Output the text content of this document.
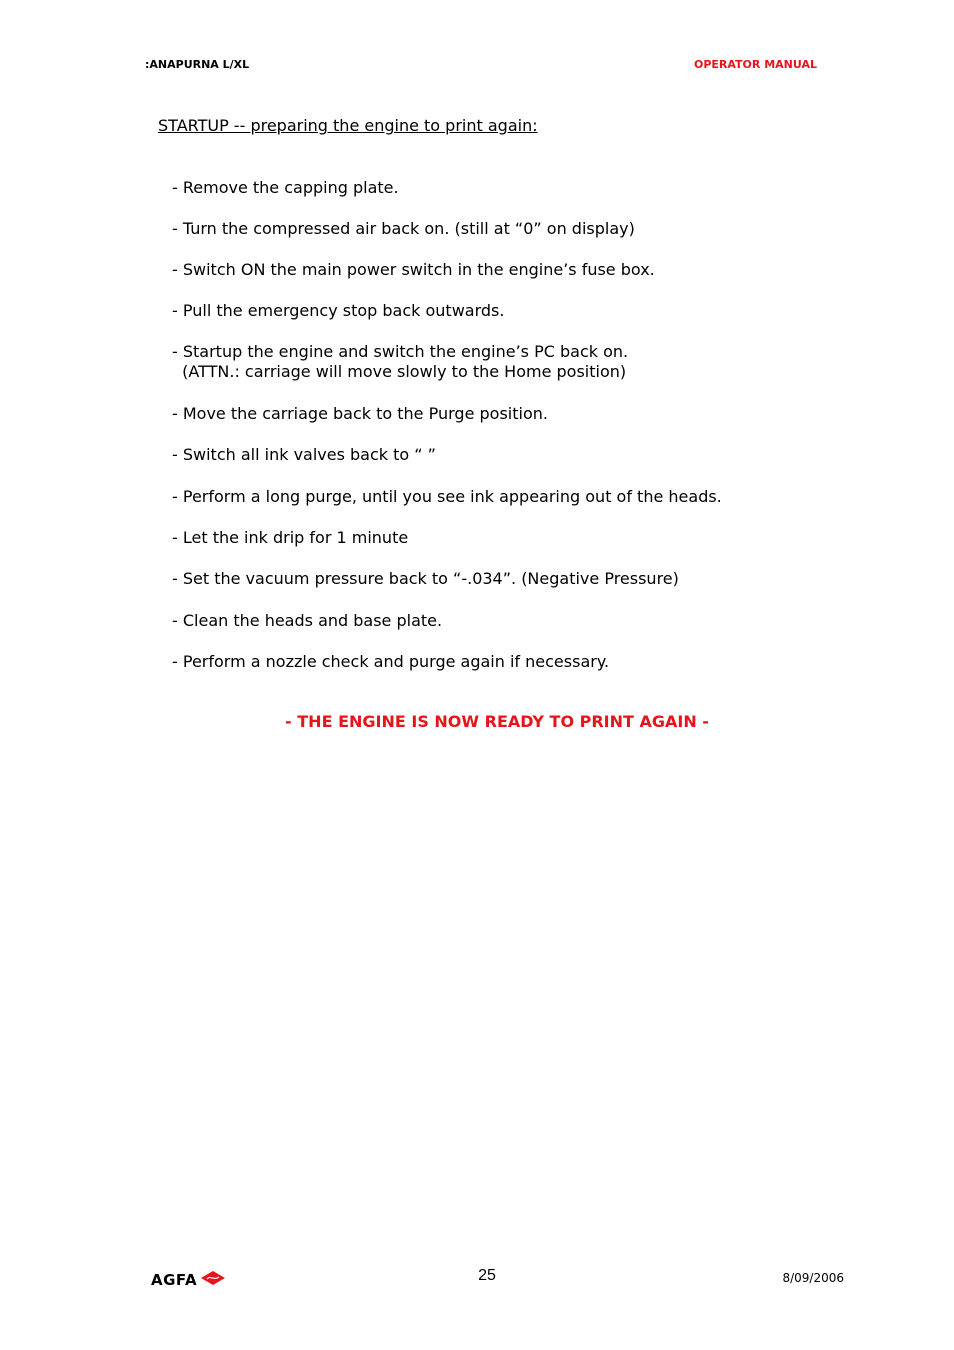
:ANAPURNA L/XL	OPERATOR MANUAL
STARTUP -- preparing the engine to print again:
- Remove the capping plate.
- Turn the compressed air back on. (still at “0” on display)
- Switch ON the main power switch in the engine’s fuse box.
- Pull the emergency stop back outwards.
- Startup the engine and switch the engine’s PC back on.
(ATTN.: carriage will move slowly to the Home position)
- Move the carriage back to the Purge position.
- Switch all ink valves back to “ ”
- Perform a long purge, until you see ink appearing out of the heads.
- Let the ink drip for 1 minute
- Set the vacuum pressure back to “-.034”. (Negative Pressure)
- Clean the heads and base plate.
- Perform a nozzle check and purge again if necessary.
- THE ENGINE IS NOW READY TO PRINT AGAIN -
AGFA	25	8/09/2006
